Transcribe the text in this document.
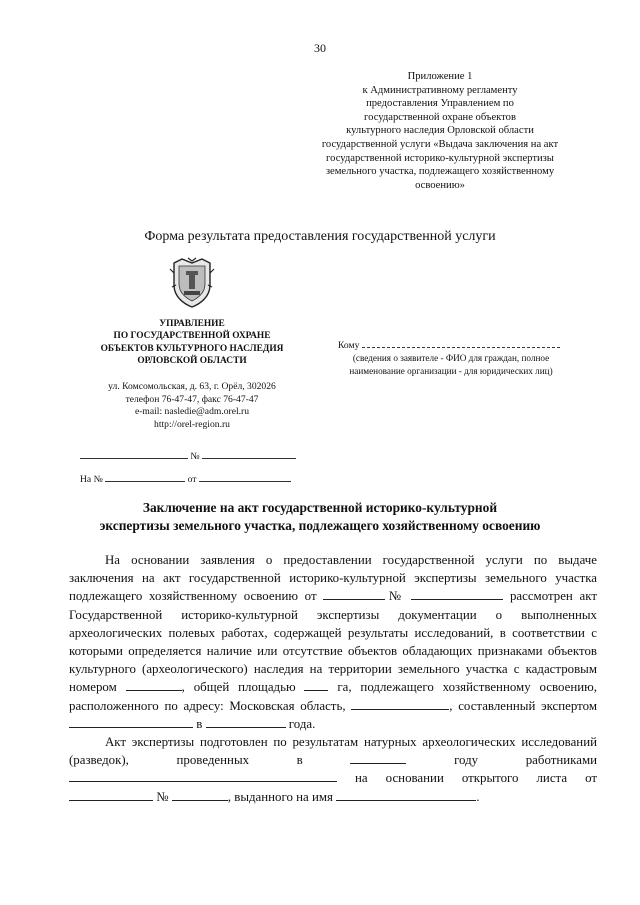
30
Приложение 1
к Административному регламенту
предоставления Управлением по
государственной охране объектов
культурного наследия Орловской области
государственной услуги «Выдача заключения на акт
государственной историко-культурной экспертизы
земельного участка, подлежащего хозяйственному
освоению»
Форма результата предоставления государственной услуги
УПРАВЛЕНИЕ
ПО ГОСУДАРСТВЕННОЙ ОХРАНЕ
ОБЪЕКТОВ КУЛЬТУРНОГО НАСЛЕДИЯ
ОРЛОВСКОЙ ОБЛАСТИ
ул. Комсомольская, д. 63, г. Орёл, 302026
телефон 76-47-47, факс 76-47-47
e-mail: nasledie@adm.orel.ru
http://orel-region.ru
№
На №	от
Кому
(сведения о заявителе - ФИО для граждан, полное
наименование организации - для юридических лиц)
Заключение на акт государственной историко-культурной
экспертизы земельного участка, подлежащего хозяйственному освоению

На основании заявления о предоставлении государственной услуги по выдаче заключения на акт государственной историко-культурной экспертизы земельного участка подлежащего хозяйственному освоению от	№	рассмотрен акт Государственной историко-культурной экспертизы документации о выполненных археологических полевых работах, содержащей результаты исследований, в соответствии с которыми определяется наличие или отсутствие объектов обладающих признаками объектов культурного (археологического) наследия на территории земельного участка с кадастровым номером	, общей площадью	га, подлежащего хозяйственному освоению, расположенного по адресу: Московская область,	, составленный экспертом  в	года.

Акт экспертизы подготовлен по результатам натурных археологических исследований (разведок), проведенных в	году работниками  на основании открытого листа от  №	, выданного на имя	.
